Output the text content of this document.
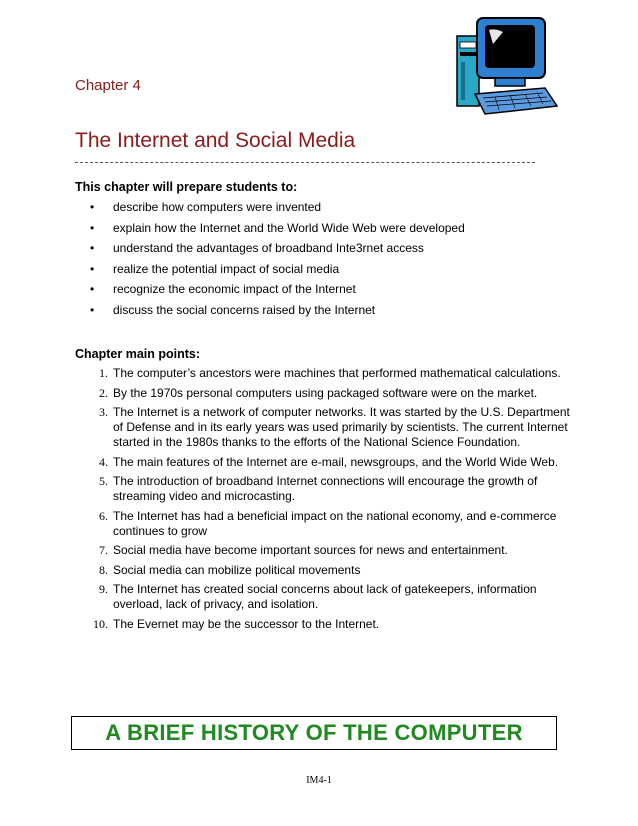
Chapter 4
The Internet and Social Media
This chapter will prepare students to:
• describe how computers were invented
• explain how the Internet and the World Wide Web were developed
• understand the advantages of broadband Inte3rnet access
• realize the potential impact of social media
• recognize the economic impact of the Internet
• discuss the social concerns raised by the Internet
Chapter main points:
1. The computer’s ancestors were machines that performed mathematical calculations.
2. By the 1970s personal computers using packaged software were on the market.
3. The Internet is a network of computer networks. It was started by the U.S. Department of Defense and in its early years was used primarily by scientists. The current Internet started in the 1980s thanks to the efforts of the National Science Foundation.
4. The main features of the Internet are e-mail, newsgroups, and the World Wide Web.
5. The introduction of broadband Internet connections will encourage the growth of streaming video and microcasting.
6. The Internet has had a beneficial impact on the national economy, and e-commerce continues to grow
7. Social media have become important sources for news and entertainment.
8. Social media can mobilize political movements
9. The Internet has created social concerns about lack of gatekeepers, information overload, lack of privacy, and isolation.
10. The Evernet may be the successor to the Internet.
A BRIEF HISTORY OF THE COMPUTER
IM4-1
